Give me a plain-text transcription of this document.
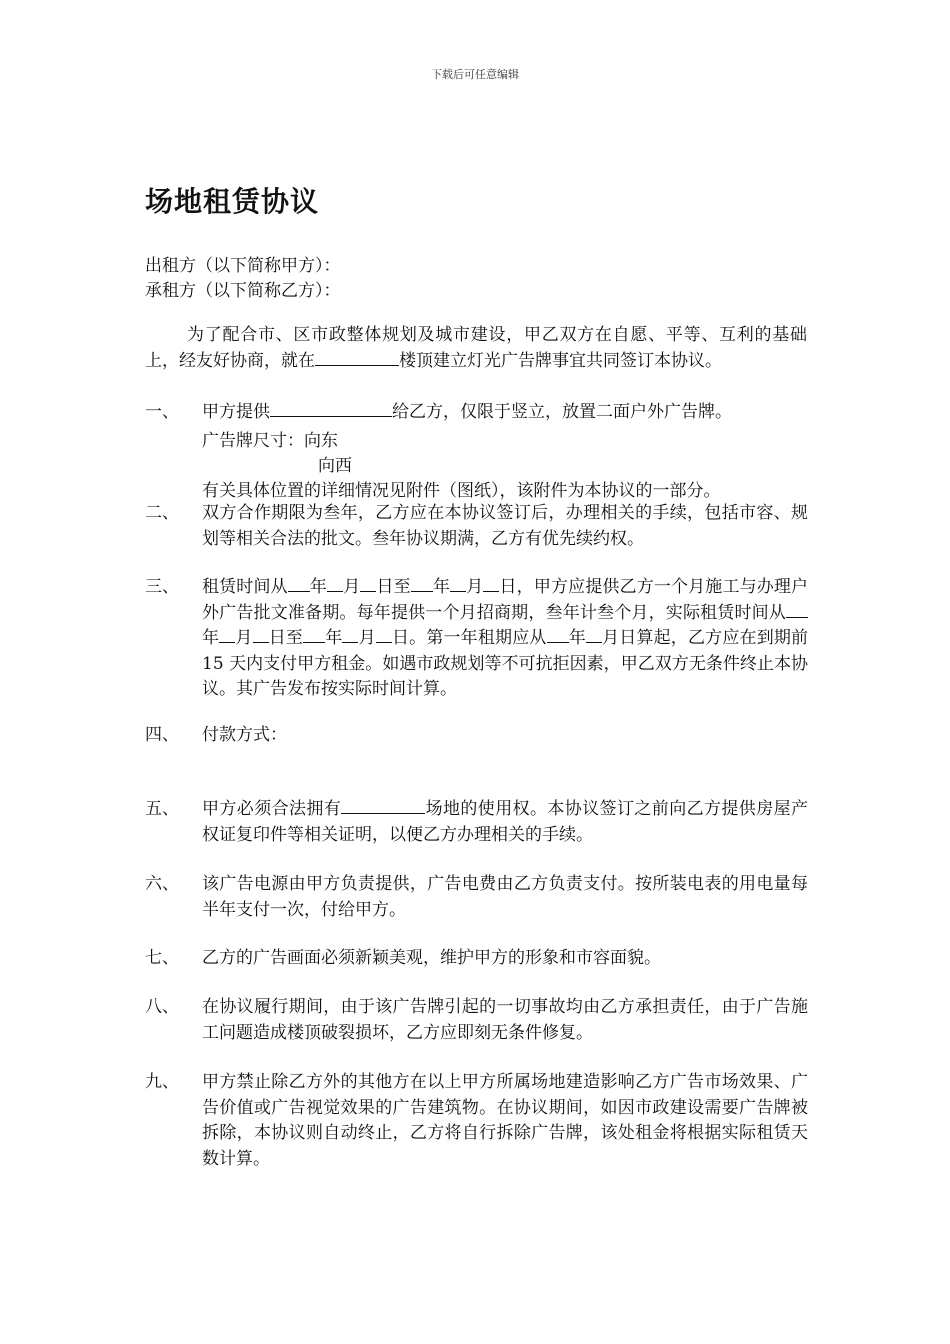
下载后可任意编辑
场地租赁协议
出租方（以下简称甲方）：
承租方（以下简称乙方）：
为了配合市、区市政整体规划及城市建设，甲乙双方在自愿、平等、互利的基础上，经友好协商，就在	楼顶建立灯光广告牌事宜共同签订本协议。
一、 甲方提供	给乙方，仅限于竖立，放置二面户外广告牌。
广告牌尺寸：向东
向西
有关具体位置的详细情况见附件（图纸），该附件为本协议的一部分。
二、 双方合作期限为叁年，乙方应在本协议签订后，办理相关的手续，包括市容、规划等相关合法的批文。叁年协议期满，乙方有优先续约权。
三、 租赁时间从 年 月 日至 年 月 日，甲方应提供乙方一个月施工与办理户外广告批文准备期。每年提供一个月招商期，叁年计叁个月，实际租赁时间从年 月 日至 年 月 日。第一年租期应从 年 月日算起，乙方应在到期前 15 天内支付甲方租金。如遇市政规划等不可抗拒因素，甲乙双方无条件终止本协议。其广告发布按实际时间计算。
四、 付款方式：
五、 甲方必须合法拥有	场地的使用权。本协议签订之前向乙方提供房屋产权证复印件等相关证明，以便乙方办理相关的手续。
六、 该广告电源由甲方负责提供，广告电费由乙方负责支付。按所装电表的用电量每半年支付一次，付给甲方。
七、 乙方的广告画面必须新颖美观，维护甲方的形象和市容面貌。
八、 在协议履行期间，由于该广告牌引起的一切事故均由乙方承担责任，由于广告施工问题造成楼顶破裂损坏，乙方应即刻无条件修复。
九、 甲方禁止除乙方外的其他方在以上甲方所属场地建造影响乙方广告市场效果、广告价值或广告视觉效果的广告建筑物。在协议期间，如因市政建设需要广告牌被拆除，本协议则自动终止，乙方将自行拆除广告牌，该处租金将根据实际租赁天数计算。
